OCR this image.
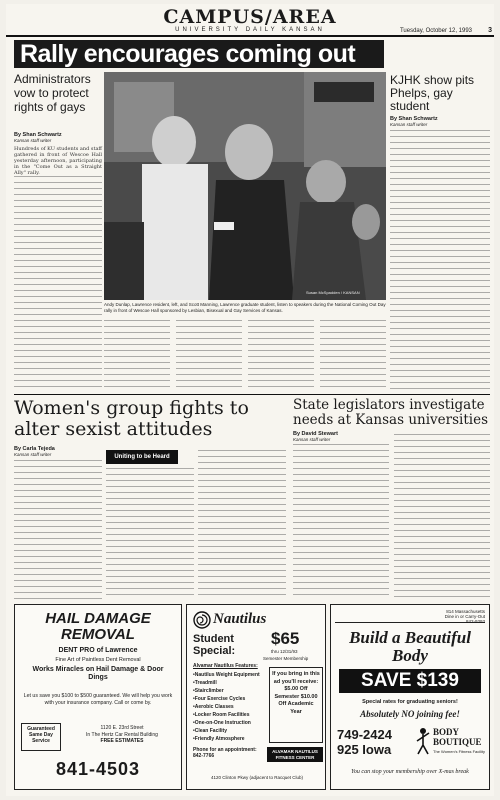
CAMPUS/AREA
UNIVERSITY DAILY KANSAN	Tuesday, October 12, 1993 3
Rally encourages coming out
Administrators vow to protect rights of gays
By Shan Schwartz
Kansan staff writer
Hundreds of KU students and staff gathered in front of Wescoe Hall yesterday afternoon, participating in the "Come Out as a Straight Ally" rally.
Susan McSpadden / KANSAN
Andy Dunlap, Lawrence resident, left, and Scott Manning, Lawrence graduate student, listen to speakers during the National Coming Out Day rally in front of Wescoe Hall sponsored by Lesbian, Bisexual and Gay Services of Kansas.
KJHK show pits Phelps, gay student
By Shan Schwartz
Kansan staff writer
Women's group fights to alter sexist attitudes
By Carla Tejeda
Kansan staff writer	Uniting to be Heard
State legislators investigate needs at Kansas universities
By David Stewart
Kansan staff writer
HAIL DAMAGE REMOVAL
DENT PRO of Lawrence
Fine Art of Paintless Dent Removal
Works Miracles on Hail Damage & Door Dings
Let us save you $100 to $500 guaranteed. We will help you work with your insurance company. Call or come by.
Guaranteed Same Day Service
1120 E. 23rd Street
In The Hertz Car Rental Building
FREE ESTIMATES
841-4503
Nautilus
Student
Special:
$65
thru 12/31/93
Semester Membership
Alvamar Nautilus Features:
•Nautilus Weight Equipment
•Treadmill
•Stairclimber
•Four Exercise Cycles
•Aerobic Classes
•Locker Room Facilities
•One-on-One Instruction
•Clean Facility
•Friendly Atmosphere
If you bring in this ad you'll receive: $5.00 Off Semester $10.00 Off Academic Year
Phone for an appointment: 842-7766
ALVAMAR NAUTILUS FITNESS CENTER
4120 Clinton Pkwy (adjacent to Racquet Club)
814 Massachusetts
Dine in or Carry-Out
842-9393
Build a Beautiful
Body
SAVE $139
Special rates for graduating seniors!
Absolutely NO joining fee!
749-2424
925 Iowa
BODY BOUTIQUE
The Women's Fitness Facility
You can stop your membership over X-mas break
